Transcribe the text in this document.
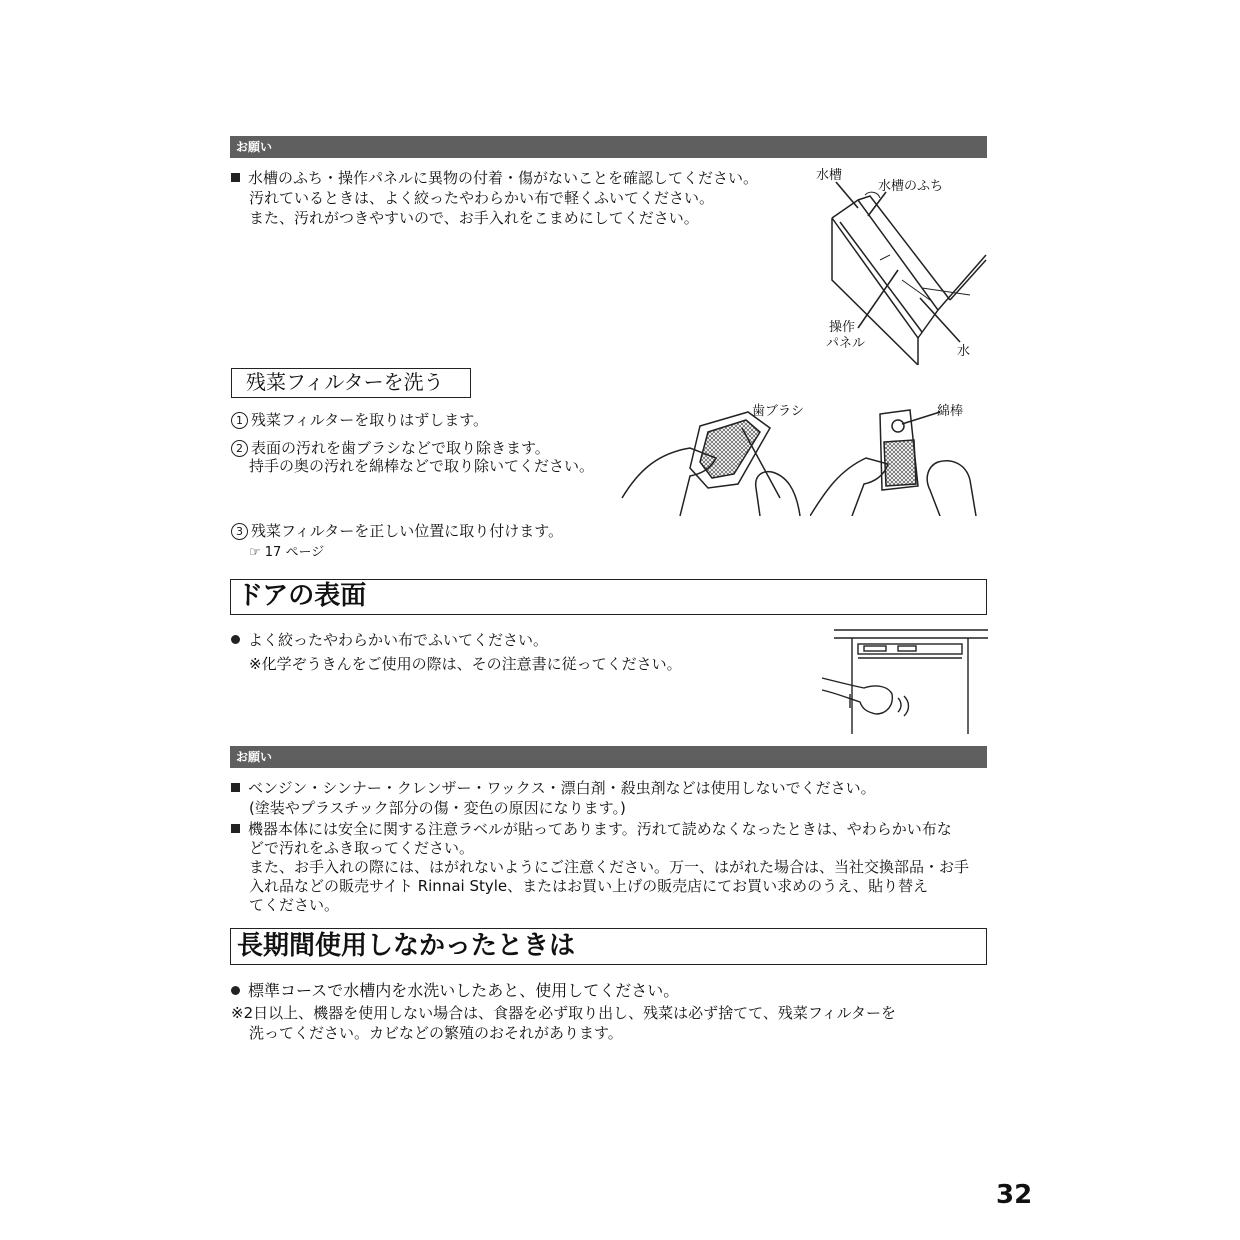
お願い
水槽のふち・操作パネルに異物の付着・傷がないことを確認してください。
汚れているときは、よく絞ったやわらかい布で軽くふいてください。
また、汚れがつきやすいので、お手入れをこまめにしてください。
水槽
水槽のふち
操作
パネル
水
残菜フィルターを洗う
1 残菜フィルターを取りはずします。
2 表面の汚れを歯ブラシなどで取り除きます。
持手の奥の汚れを綿棒などで取り除いてください。
歯ブラシ	綿棒
3 残菜フィルターを正しい位置に取り付けます。
☞ 17 ページ
ドアの表面
よく絞ったやわらかい布でふいてください。
※化学ぞうきんをご使用の際は、その注意書に従ってください。
お願い
ベンジン・シンナー・クレンザー・ワックス・漂白剤・殺虫剤などは使用しないでください。
(塗装やプラスチック部分の傷・変色の原因になります。)
機器本体には安全に関する注意ラベルが貼ってあります。汚れて読めなくなったときは、やわらかい布な
どで汚れをふき取ってください。
また、お手入れの際には、はがれないようにご注意ください。万一、はがれた場合は、当社交換部品・お手
入れ品などの販売サイト Rinnai Style、またはお買い上げの販売店にてお買い求めのうえ、貼り替え
てください。
長期間使用しなかったときは
標準コースで水槽内を水洗いしたあと、使用してください。
※2日以上、機器を使用しない場合は、食器を必ず取り出し、残菜は必ず捨てて、残菜フィルターを
洗ってください。カビなどの繁殖のおそれがあります。
32
